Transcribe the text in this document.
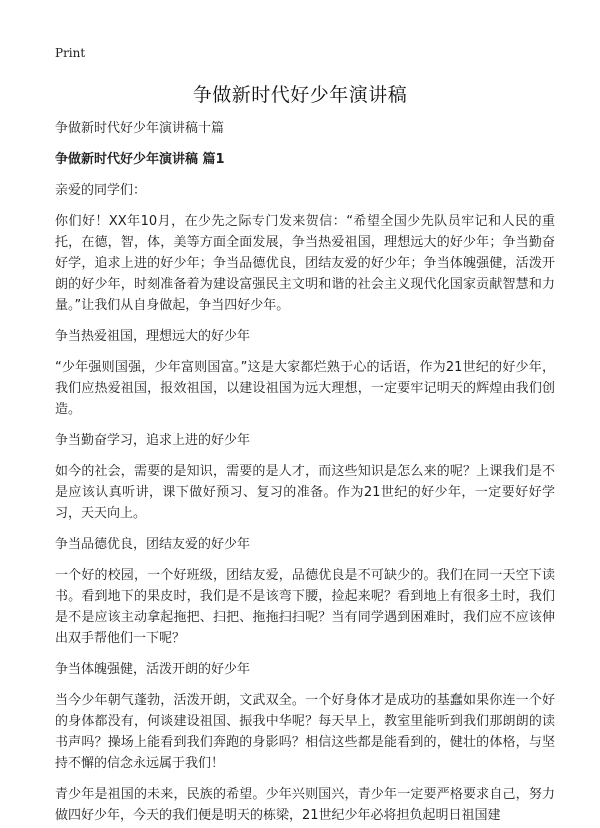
Print
争做新时代好少年演讲稿

争做新时代好少年演讲稿十篇

争做新时代好少年演讲稿 篇1

亲爱的同学们：

你们好！XX年10月，在少先之际专门发来贺信：“希望全国少先队员牢记和人民的重托，在德，智，体，美等方面全面发展，争当热爱祖国，理想远大的好少年；争当勤奋好学，追求上进的好少年；争当品德优良，团结友爱的好少年；争当体魄强健，活泼开朗的好少年，时刻准备着为建设富强民主文明和谐的社会主义现代化国家贡献智慧和力量。”让我们从自身做起，争当四好少年。

争当热爱祖国，理想远大的好少年

“少年强则国强，少年富则国富。”这是大家都烂熟于心的话语，作为21世纪的好少年，我们应热爱祖国，报效祖国，以建设祖国为远大理想，一定要牢记明天的辉煌由我们创造。

争当勤奋学习，追求上进的好少年

如今的社会，需要的是知识，需要的是人才，而这些知识是怎么来的呢？上课我们是不是应该认真听讲，课下做好预习、复习的准备。作为21世纪的好少年，一定要好好学习，天天向上。

争当品德优良，团结友爱的好少年

一个好的校园，一个好班级，团结友爱，品德优良是不可缺少的。我们在同一天空下读书。看到地下的果皮时，我们是不是该弯下腰，捡起来呢？看到地上有很多土时，我们是不是应该主动拿起拖把、扫把、拖拖扫扫呢？当有同学遇到困难时，我们应不应该伸出双手帮他们一下呢？

争当体魄强健，活泼开朗的好少年

当今少年朝气蓬勃，活泼开朗，文武双全。一个好身体才是成功的基蠢如果你连一个好的身体都没有，何谈建设祖国、振我中华呢？每天早上，教室里能听到我们那朗朗的读书声吗？操场上能看到我们奔跑的身影吗？相信这些都是能看到的，健壮的体格，与坚持不懈的信念永远属于我们！

青少年是祖国的未来，民族的希望。少年兴则国兴，青少年一定要严格要求自己，努力做四好少年，今天的我们便是明天的栋梁，21世纪少年必将担负起明日祖国建
